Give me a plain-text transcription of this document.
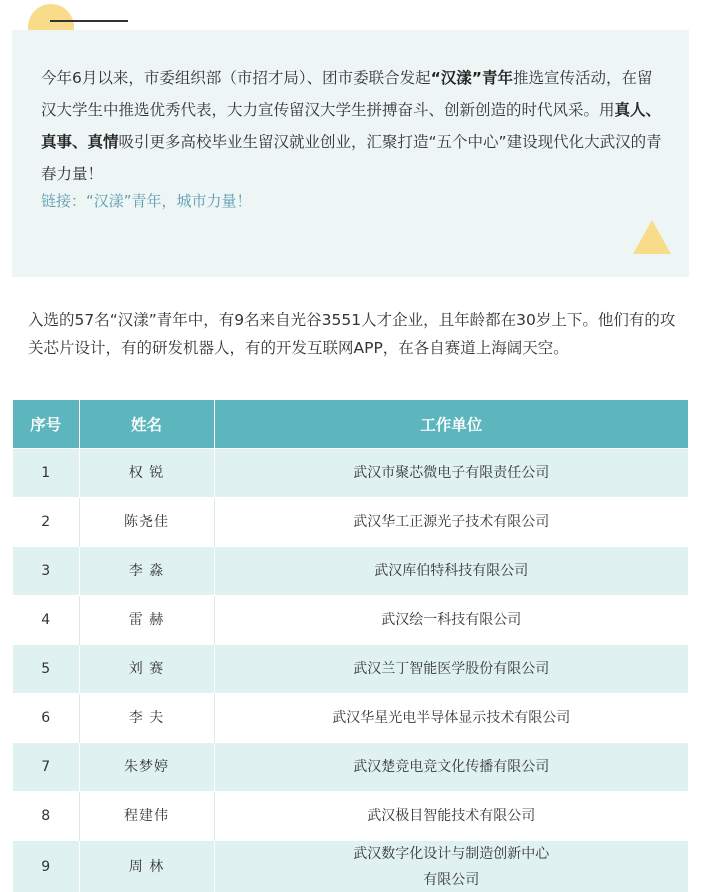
今年6月以来，市委组织部（市招才局）、团市委联合发起“汉漾”青年推选宣传活动，在留汉大学生中推选优秀代表，大力宣传留汉大学生拼搏奋斗、创新创造的时代风采。用真人、真事、真情吸引更多高校毕业生留汉就业创业，汇聚打造“五个中心”建设现代化大武汉的青春力量！

链接：“汉漾”青年，城市力量！

入选的57名“汉漾”青年中，有9名来自光谷3551人才企业，且年龄都在30岁上下。他们有的攻关芯片设计，有的研发机器人，有的开发互联网APP，在各自赛道上海阔天空。

序号	姓名	工作单位
1	权 锐	武汉市聚芯微电子有限责任公司
2	陈尧佳	武汉华工正源光子技术有限公司
3	李 淼	武汉库伯特科技有限公司
4	雷 赫	武汉绘一科技有限公司
5	刘 赛	武汉兰丁智能医学股份有限公司
6	李 夫	武汉华星光电半导体显示技术有限公司
7	朱梦婷	武汉楚竞电竞文化传播有限公司
8	程建伟	武汉极目智能技术有限公司
9	周 林	武汉数字化设计与制造创新中心
有限公司
